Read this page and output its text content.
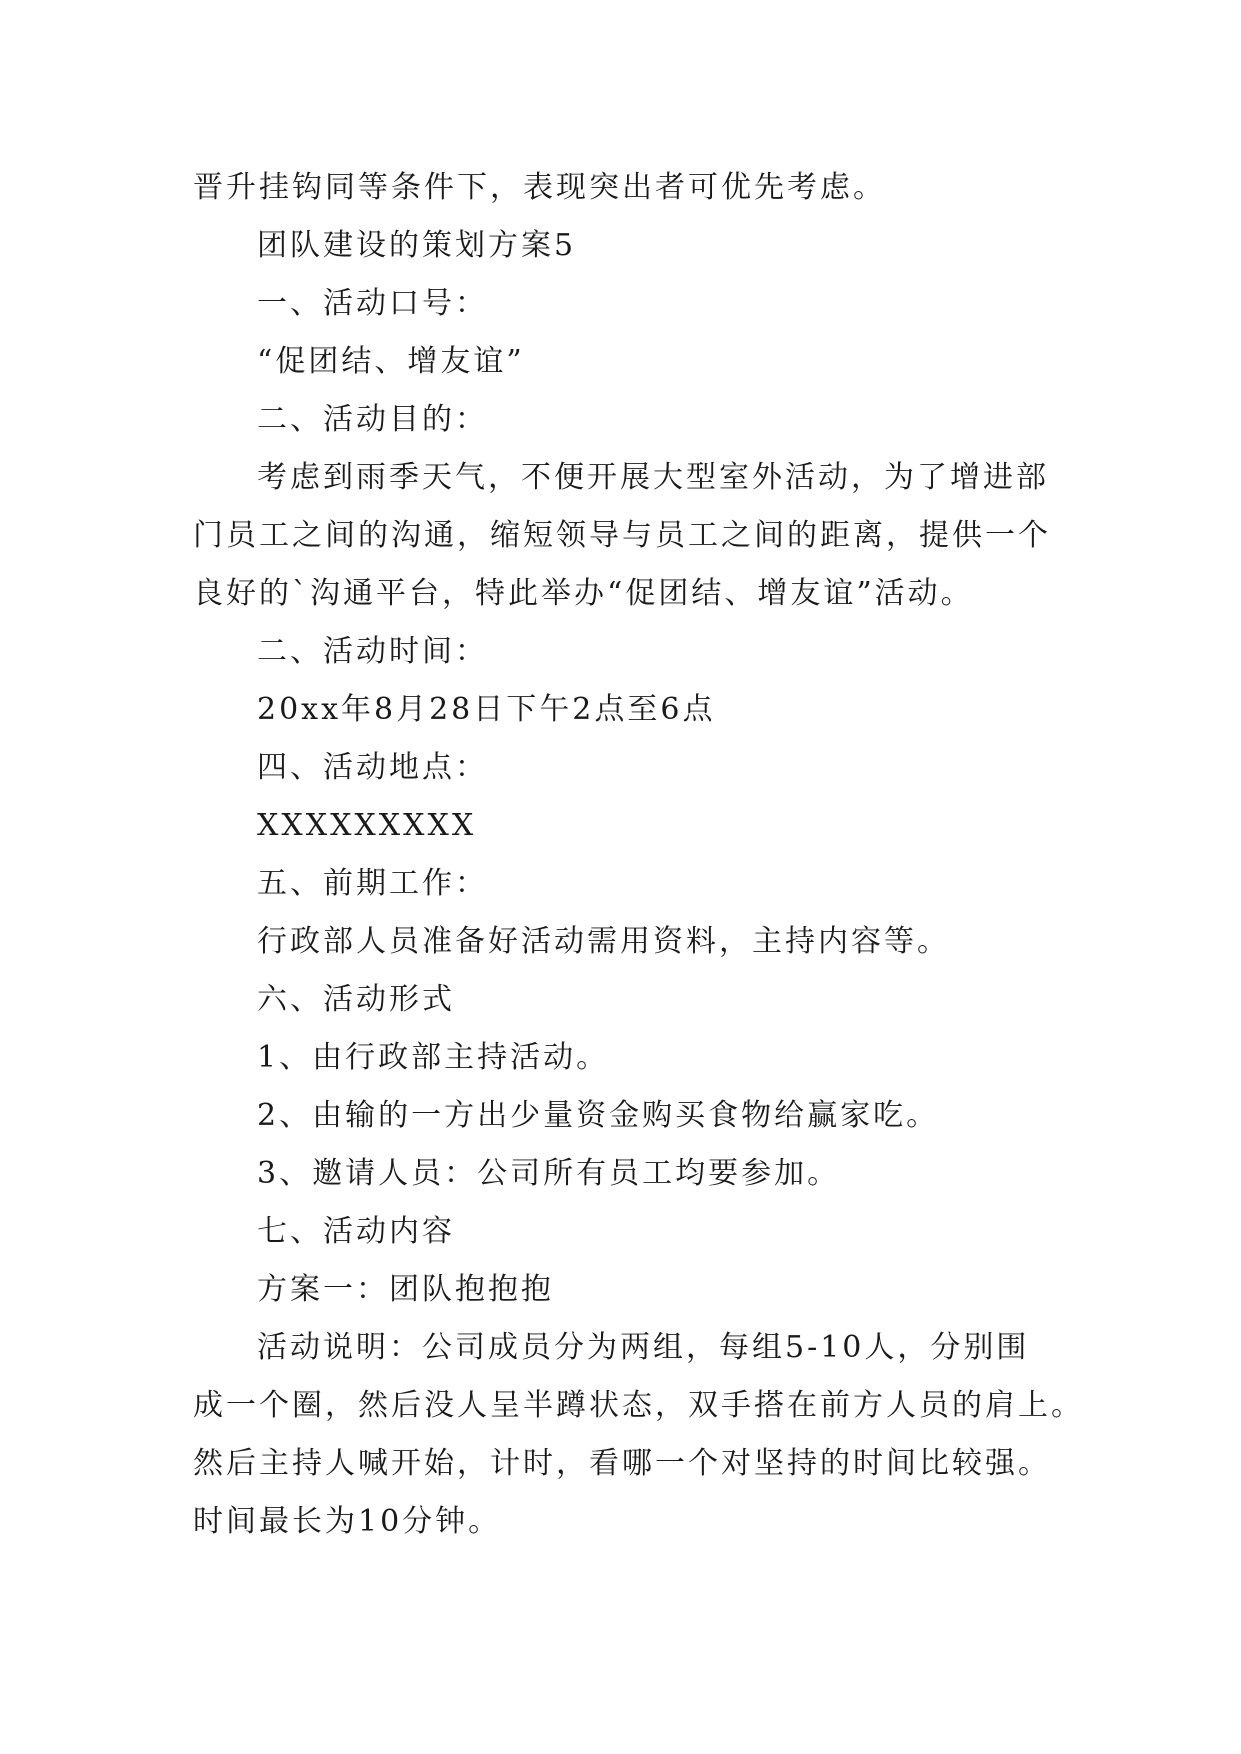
晋升挂钩同等条件下，表现突出者可优先考虑。
团队建设的策划方案5
一、活动口号：
“促团结、增友谊”
二、活动目的：
考虑到雨季天气，不便开展大型室外活动，为了增进部
门员工之间的沟通，缩短领导与员工之间的距离，提供一个
良好的`沟通平台，特此举办“促团结、增友谊”活动。
二、活动时间：
20xx年8月28日下午2点至6点
四、活动地点：
XXXXXXXXX
五、前期工作：
行政部人员准备好活动需用资料，主持内容等。
六、活动形式
1、由行政部主持活动。
2、由输的一方出少量资金购买食物给赢家吃。
3、邀请人员：公司所有员工均要参加。
七、活动内容
方案一：团队抱抱抱
活动说明：公司成员分为两组，每组5-10人，分别围
成一个圈，然后没人呈半蹲状态，双手搭在前方人员的肩上。
然后主持人喊开始，计时，看哪一个对坚持的时间比较强。
时间最长为10分钟。
